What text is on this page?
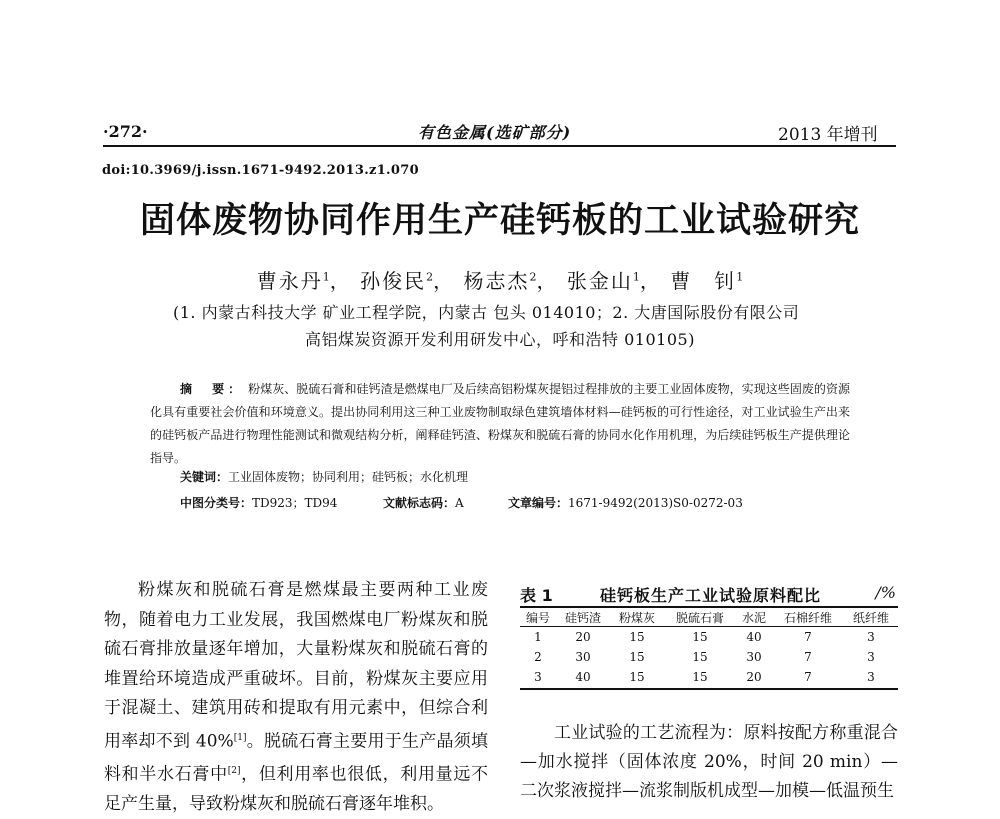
·272·	有色金属(选矿部分)	2013 年增刊
doi:10.3969/j.issn.1671-9492.2013.z1.070
固体废物协同作用生产硅钙板的工业试验研究
曹永丹$^1$， 孙俊民$^2$， 杨志杰$^2$， 张金山$^1$， 曹　钊$^1$
(1. 内蒙古科技大学 矿业工程学院，内蒙古 包头 014010；2. 大唐国际股份有限公司
高铝煤炭资源开发利用研发中心，呼和浩特 010105)
摘　要： 粉煤灰、脱硫石膏和硅钙渣是燃煤电厂及后续高铝粉煤灰提铝过程排放的主要工业固体废物，实现这些固废的资源化具有重要社会价值和环境意义。提出协同利用这三种工业废物制取绿色建筑墙体材料—硅钙板的可行性途径，对工业试验生产出来的硅钙板产品进行物理性能测试和微观结构分析，阐释硅钙渣、粉煤灰和脱硫石膏的协同水化作用机理，为后续硅钙板生产提供理论指导。
关键词：工业固体废物；协同利用；硅钙板；水化机理
中图分类号：TD923；TD94	文献标志码：A	文章编号：1671-9492(2013)S0-0272-03
粉煤灰和脱硫石膏是燃煤最主要两种工业废物，随着电力工业发展，我国燃煤电厂粉煤灰和脱硫石膏排放量逐年增加，大量粉煤灰和脱硫石膏的堆置给环境造成严重破坏。目前，粉煤灰主要应用于混凝土、建筑用砖和提取有用元素中，但综合利用率却不到 40%[1]。脱硫石膏主要用于生产晶须填料和半水石膏中[2]，但利用率也很低，利用量远不足产生量，导致粉煤灰和脱硫石膏逐年堆积。
表 1	硅钙板生产工业试验原料配比	/%
编号	硅钙渣	粉煤灰	脱硫石膏	水泥	石棉纤维	纸纤维
1	20	15	15	40	7	3
2	30	15	15	30	7	3
3	40	15	15	20	7	3
工业试验的工艺流程为：原料按配方称重混合—加水搅拌（固体浓度 20%，时间 20 min）—二次浆液搅拌—流浆制版机成型—加模—低温预生
